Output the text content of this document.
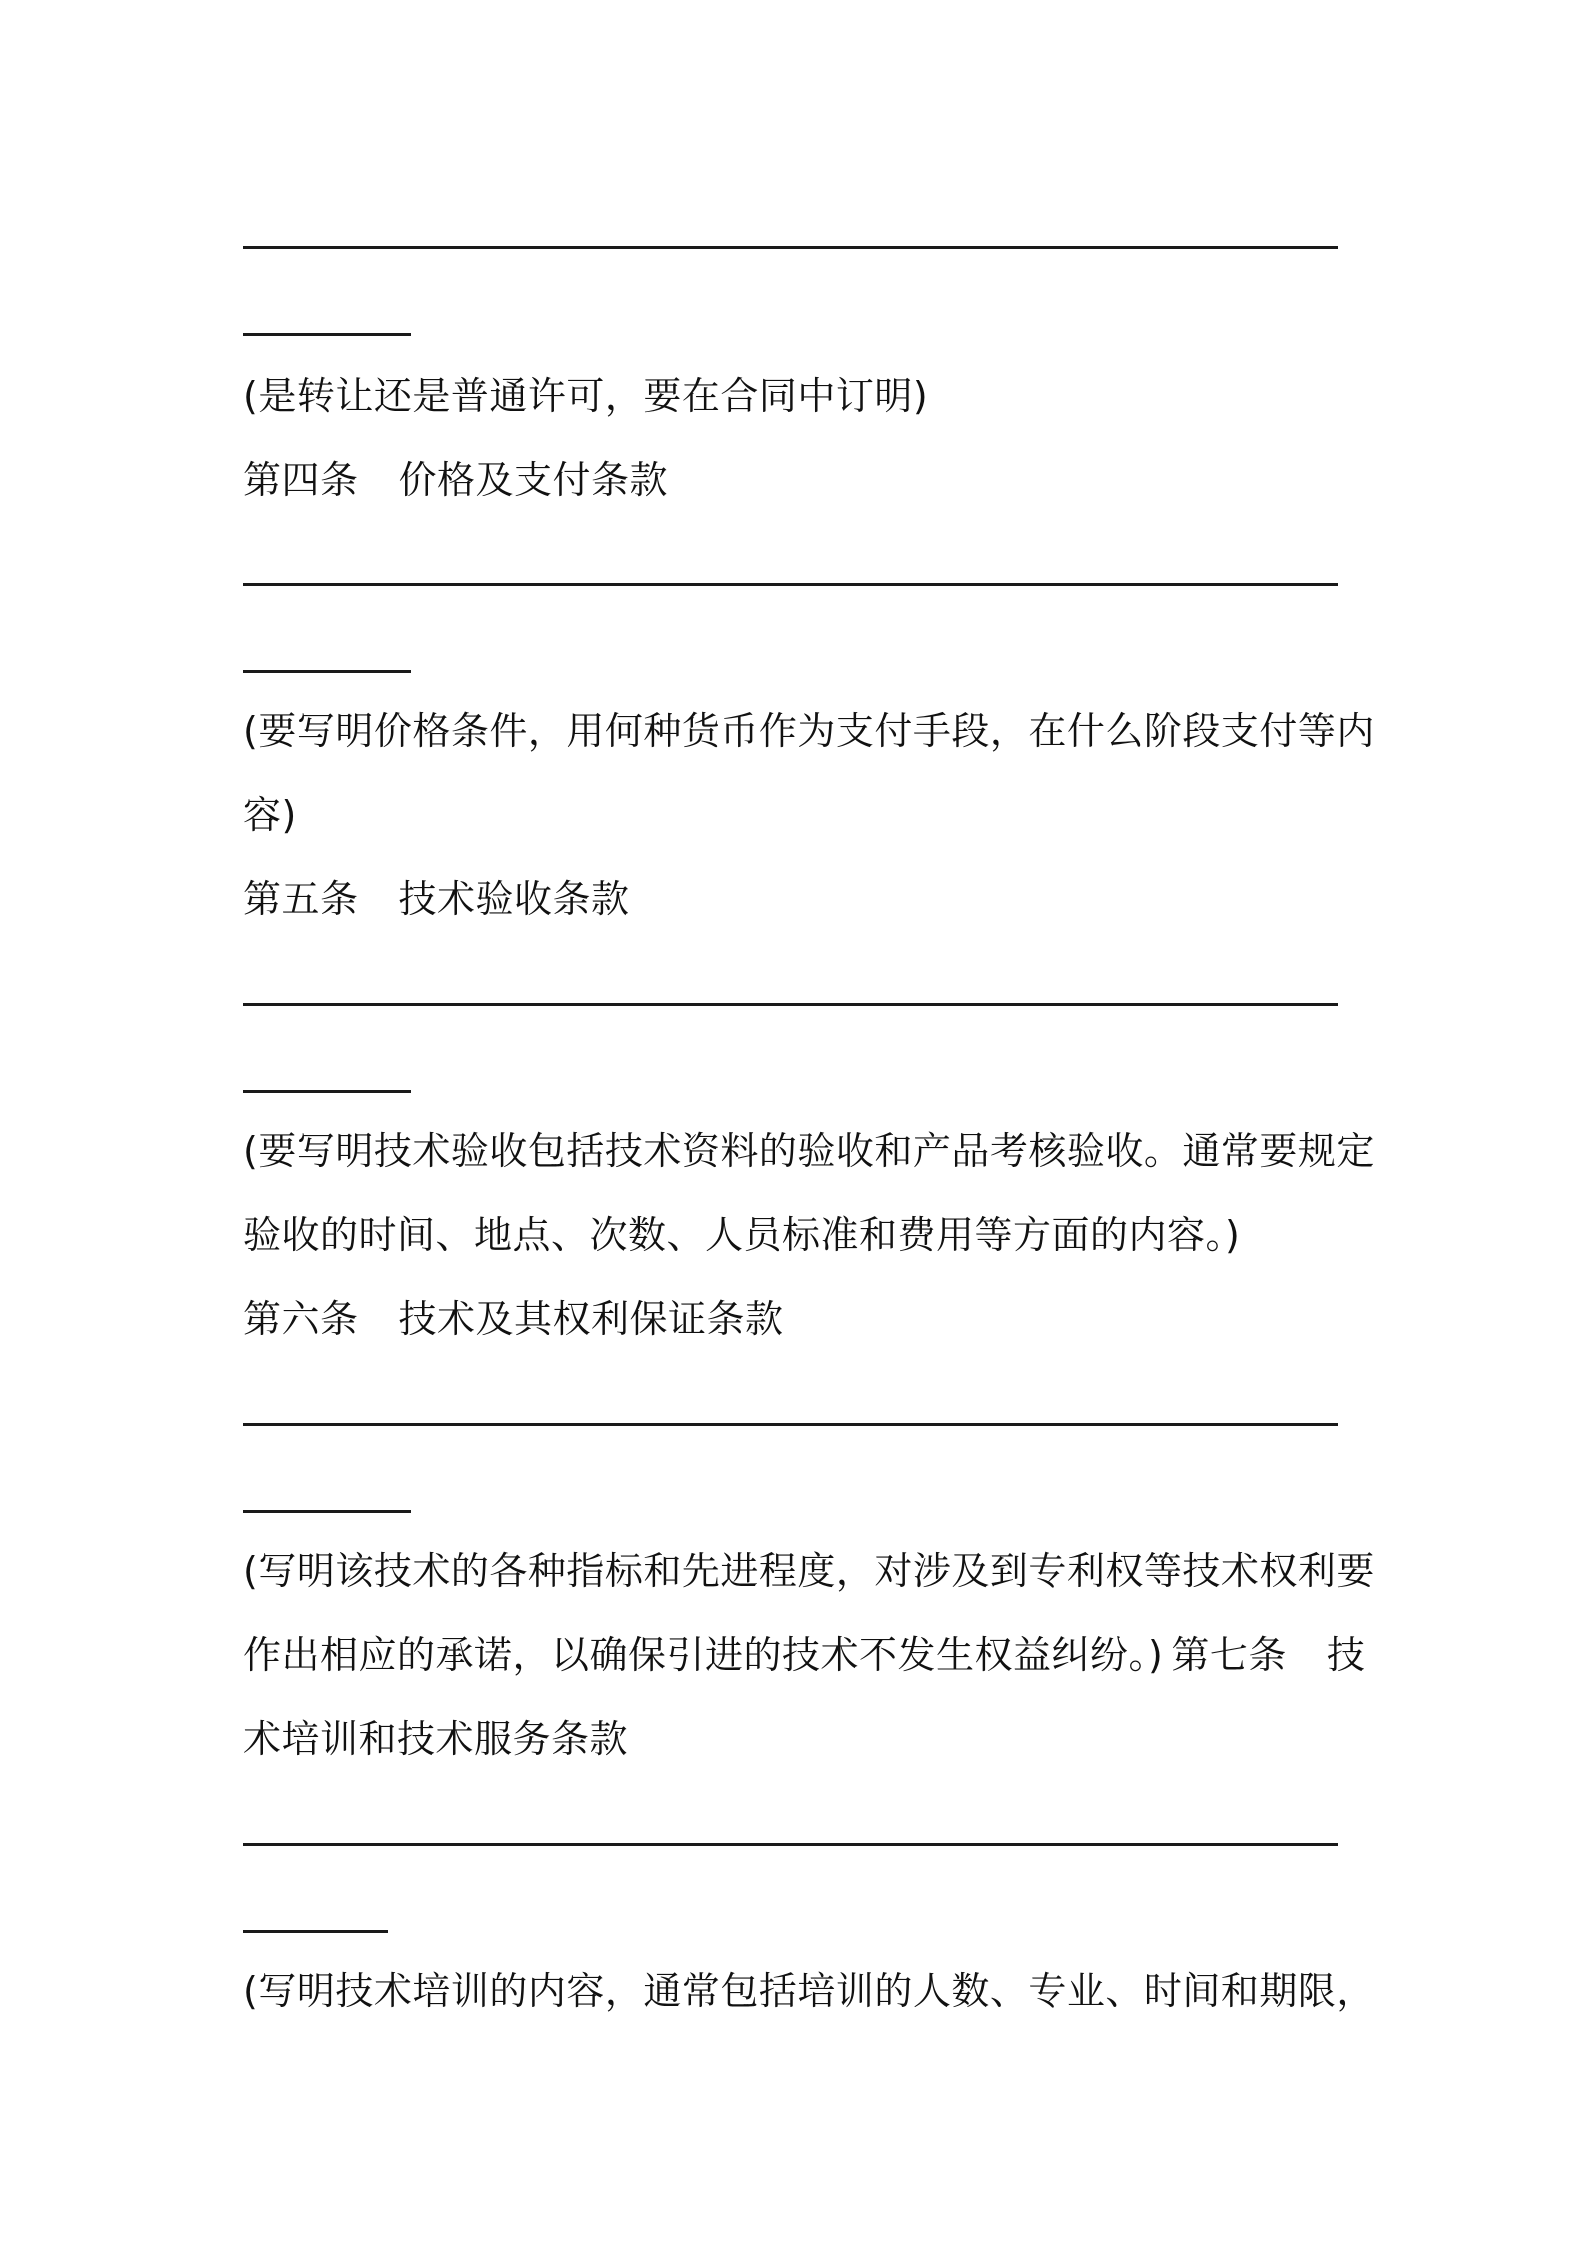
(是转让还是普通许可，要在合同中订明)
第四条 价格及支付条款
(要写明价格条件，用何种货币作为支付手段，在什么阶段支付等内
容)
第五条 技术验收条款
(要写明技术验收包括技术资料的验收和产品考核验收。通常要规定
验收的时间、地点、次数、人员标准和费用等方面的内容。)
第六条 技术及其权利保证条款
(写明该技术的各种指标和先进程度，对涉及到专利权等技术权利要
作出相应的承诺，以确保引进的技术不发生权益纠纷。) 第七条 技
术培训和技术服务条款
(写明技术培训的内容，通常包括培训的人数、专业、时间和期限，
